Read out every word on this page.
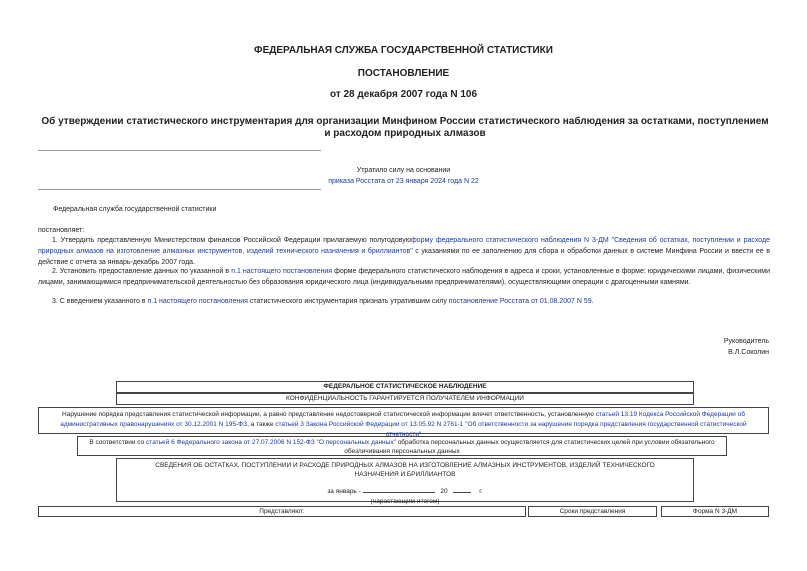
ФЕДЕРАЛЬНАЯ СЛУЖБА ГОСУДАРСТВЕННОЙ СТАТИСТИКИ
ПОСТАНОВЛЕНИЕ
от 28 декабря 2007 года N 106
Об утверждении статистического инструментария для организации Минфином России статистического наблюдения за остатками, поступлением и расходом природных алмазов
Утратило силу на основании
приказа Росстата от 23 января 2024 года N 22
Федеральная служба государственной статистики
постановляет:
1. Утвердить представленную Министерством финансов Российской Федерации прилагаемую полугодовуюформу федерального статистического наблюдения N 3-ДМ "Сведения об остатках, поступлении и расходе природных алмазов на изготовление алмазных инструментов, изделий технического назначения и бриллиантов" с указаниями по ее заполнению для сбора и обработки данных в системе Минфина России и ввести ее в действие с отчета за январь-декабрь 2007 года.
2. Установить предоставление данных по указанной в п.1 настоящего постановления форме федерального статистического наблюдения в адреса и сроки, установленные в форме: юридическими лицами, физическими лицами, занимающимися предпринимательской деятельностью без образования юридического лица (индивидуальными предпринимателями), осуществляющими операции с драгоценными камнями.
3. С введением указанного в п.1 настоящего постановления статистического инструментария признать утратившим силу постановление Росстата от 01.08.2007 N 59.
Руководитель
В.Л.Соколин
ФЕДЕРАЛЬНОЕ СТАТИСТИЧЕСКОЕ НАБЛЮДЕНИЕ
КОНФИДЕНЦИАЛЬНОСТЬ ГАРАНТИРУЕТСЯ ПОЛУЧАТЕЛЕМ ИНФОРМАЦИИ
Нарушение порядка представления статистической информации, а равно представление недостоверной статистической информации влечет ответственность, установленную статьей 13.19 Кодекса Российской Федерации об административных правонарушениях от 30.12.2001 N 195-ФЗ, а также статьей 3 Закона Российской Федерации от 13.05.92 N 2761-1 "Об ответственности за нарушение порядка представления государственной статистической отчетности"
В соответствии со статьей 6 Федерального закона от 27.07.2006 N 152-ФЗ "О персональных данных" обработка персональных данных осуществляется для статистических целей при условии обязательного обезличивания персональных данных
СВЕДЕНИЯ ОБ ОСТАТКАХ, ПОСТУПЛЕНИИ И РАСХОДЕ ПРИРОДНЫХ АЛМАЗОВ НА ИЗГОТОВЛЕНИЕ АЛМАЗНЫХ ИНСТРУМЕНТОВ, ИЗДЕЛИЙ ТЕХНИЧЕСКОГО НАЗНАЧЕНИЯ И БРИЛЛИАНТОВ
за январь -	20	г.
(нарастающим итогом)
Представляют:	Сроки представления	Форма N 3-ДМ
